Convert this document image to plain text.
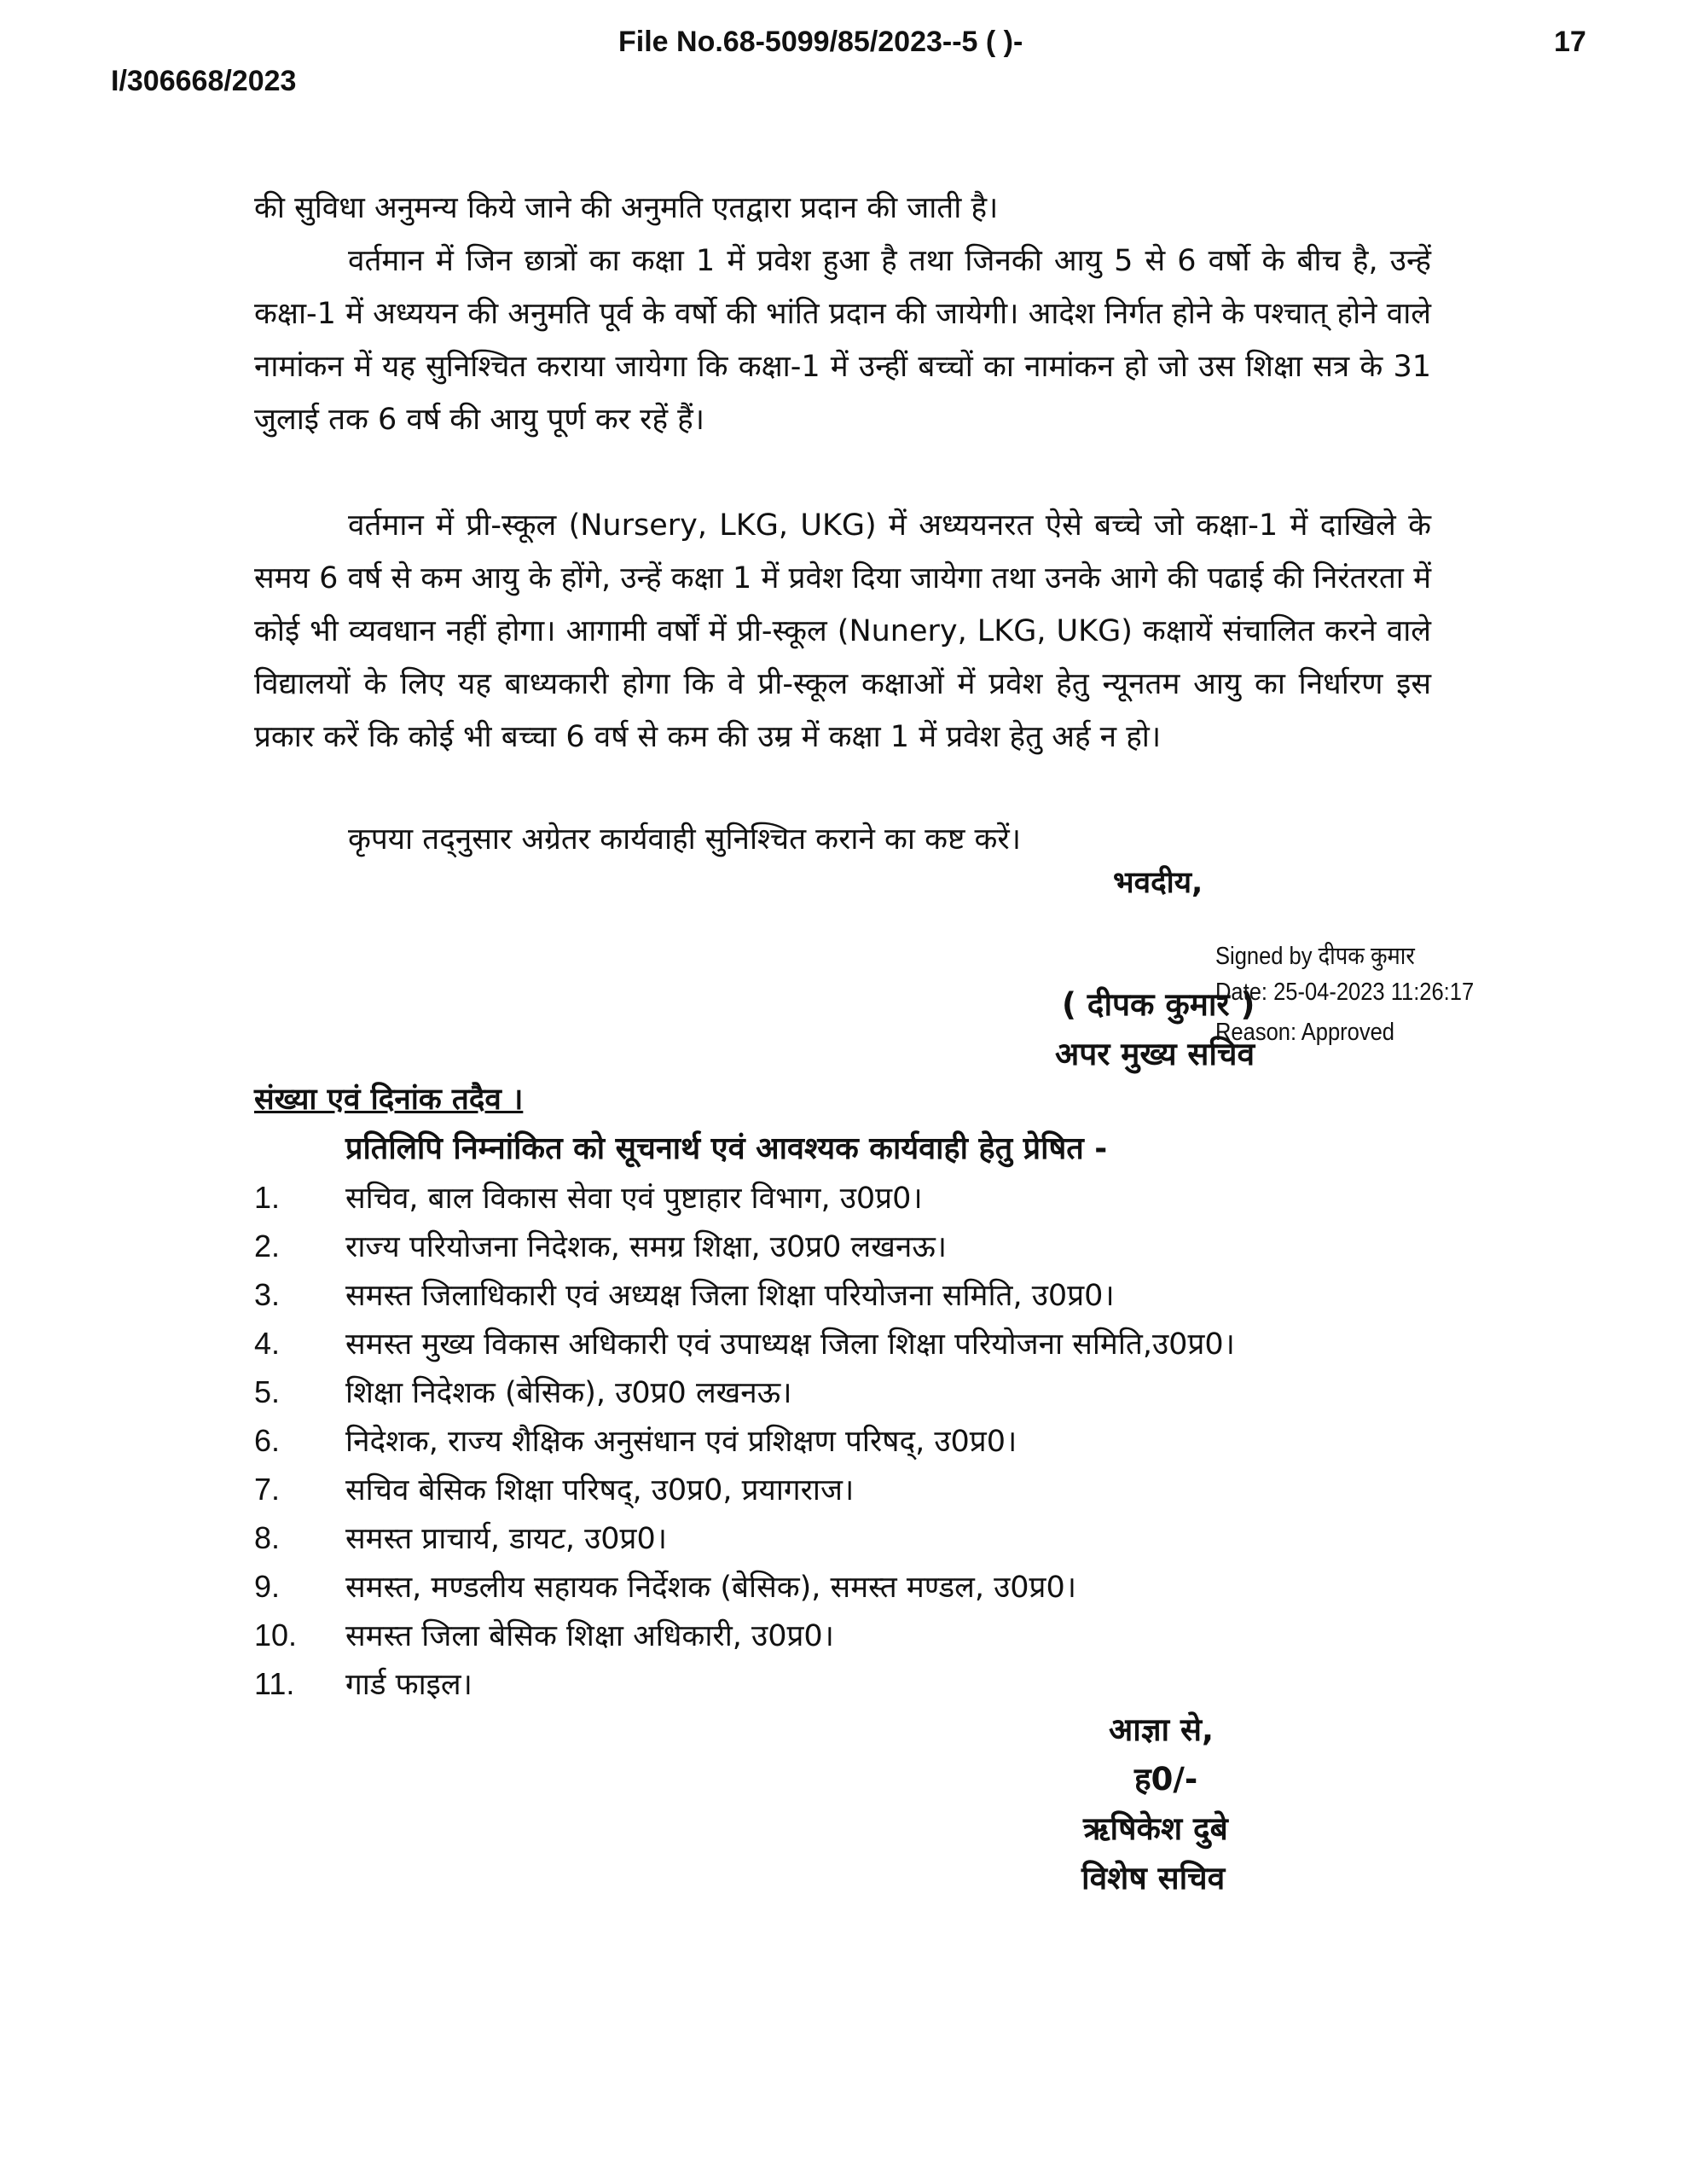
File No.68-5099/85/2023--5 ( )-	17
I/306668/2023

की सुविधा अनुमन्य किये जाने की अनुमति एतद्वारा प्रदान की जाती है।

वर्तमान में जिन छात्रों का कक्षा 1 में प्रवेश हुआ है तथा जिनकी आयु 5 से 6 वर्षो के बीच है, उन्हें कक्षा-1 में अध्ययन की अनुमति पूर्व के वर्षो की भांति प्रदान की जायेगी। आदेश निर्गत होने के पश्चात् होने वाले नामांकन में यह सुनिश्चित कराया जायेगा कि कक्षा-1 में उन्हीं बच्चों का नामांकन हो जो उस शिक्षा सत्र के 31 जुलाई तक 6 वर्ष की आयु पूर्ण कर रहें हैं।

वर्तमान में प्री-स्कूल (Nursery, LKG, UKG) में अध्ययनरत ऐसे बच्चे जो कक्षा-1 में दाखिले के समय 6 वर्ष से कम आयु के होंगे, उन्हें कक्षा 1 में प्रवेश दिया जायेगा तथा उनके आगे की पढाई की निरंतरता में कोई भी व्यवधान नहीं होगा। आगामी वर्षों में प्री-स्कूल (Nunery, LKG, UKG) कक्षायें संचालित करने वाले विद्यालयों के लिए यह बाध्यकारी होगा कि वे प्री-स्कूल कक्षाओं में प्रवेश हेतु न्यूनतम आयु का निर्धारण इस प्रकार करें कि कोई भी बच्चा 6 वर्ष से कम की उम्र में कक्षा 1 में प्रवेश हेतु अर्ह न हो।

कृपया तद्नुसार अग्रेतर कार्यवाही सुनिश्चित कराने का कष्ट करें।

भवदीय,
( दीपक कुमार )
अपर मुख्य सचिव
Signed by दीपक कुमार
Date: 25-04-2023 11:26:17
Reason: Approved
संख्या एवं दिनांक तदैव ।
प्रतिलिपि निम्नांकित को सूचनार्थ एवं आवश्यक कार्यवाही हेतु प्रेषित -
1.	सचिव, बाल विकास सेवा एवं पुष्टाहार विभाग, उ0प्र0।
2.	राज्य परियोजना निदेशक, समग्र शिक्षा, उ0प्र0 लखनऊ।
3.	समस्त जिलाधिकारी एवं अध्यक्ष जिला शिक्षा परियोजना समिति, उ0प्र0।
4.	समस्त मुख्य विकास अधिकारी एवं उपाध्यक्ष जिला शिक्षा परियोजना समिति,उ0प्र0।
5.	शिक्षा निदेशक (बेसिक), उ0प्र0 लखनऊ।
6.	निदेशक, राज्य शैक्षिक अनुसंधान एवं प्रशिक्षण परिषद्, उ0प्र0।
7.	सचिव बेसिक शिक्षा परिषद्, उ0प्र0, प्रयागराज।
8.	समस्त प्राचार्य, डायट, उ0प्र0।
9.	समस्त, मण्डलीय सहायक निर्देशक (बेसिक), समस्त मण्डल, उ0प्र0।
10.	समस्त जिला बेसिक शिक्षा अधिकारी, उ0प्र0।
11.	गार्ड फाइल।
आज्ञा से,
ह0/-
ऋषिकेश दुबे
विशेष सचिव
